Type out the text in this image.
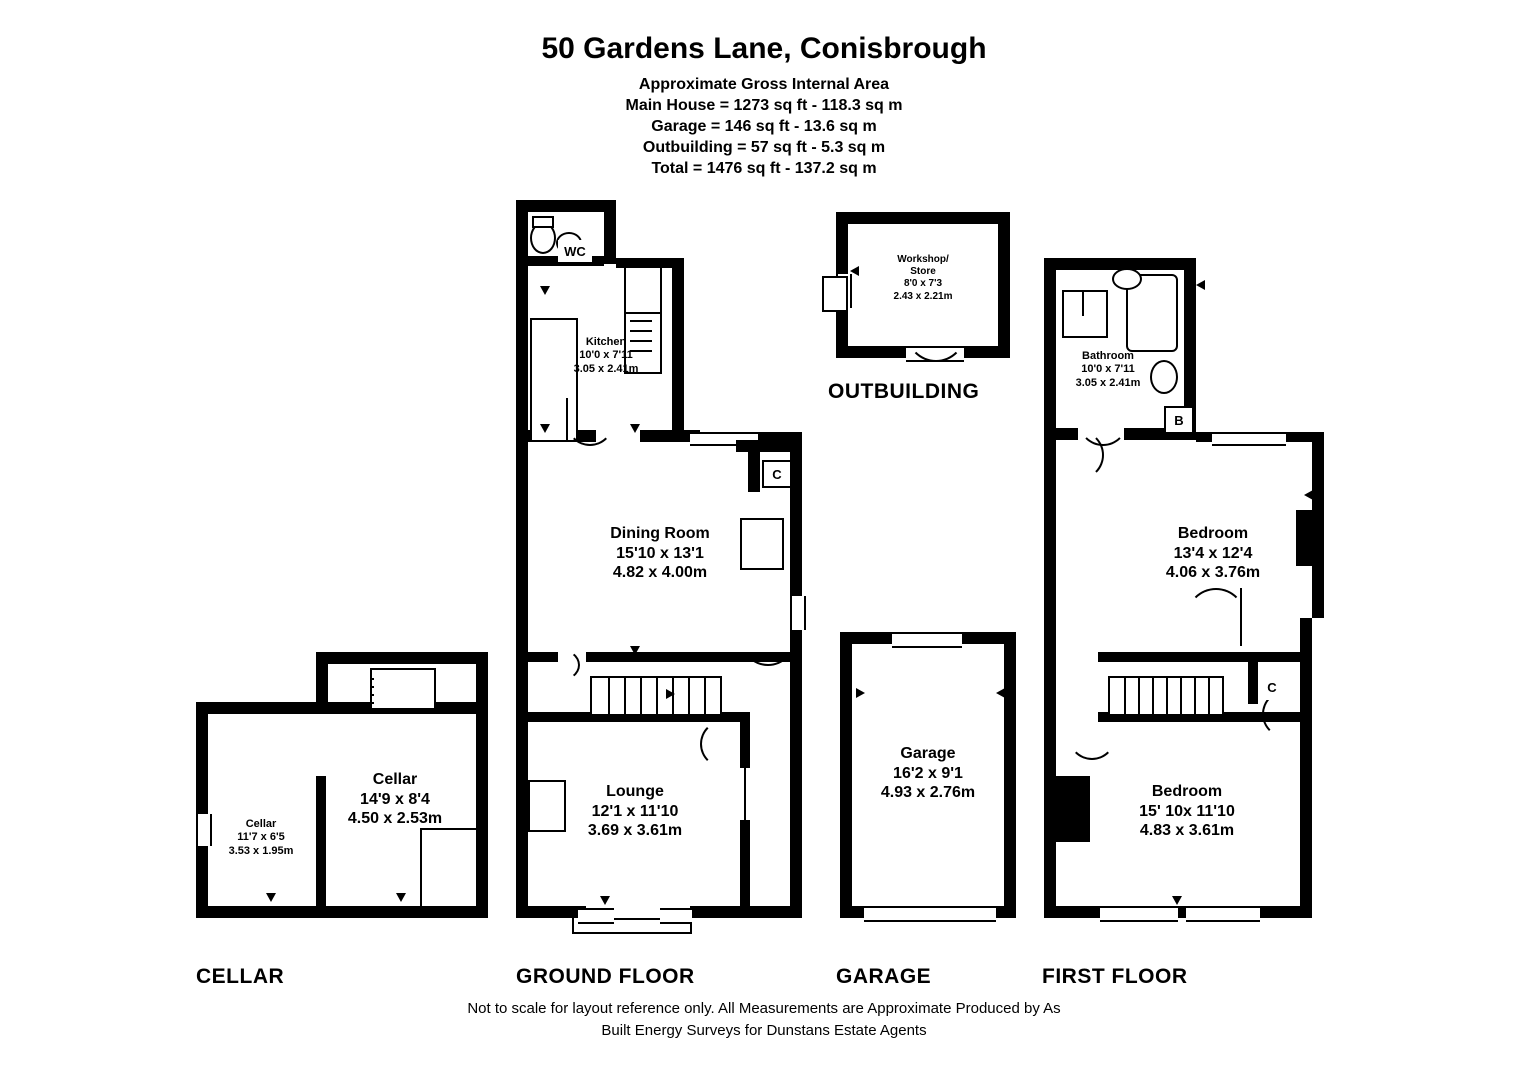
50 Gardens Lane, Conisbrough
Approximate Gross Internal Area
Main House = 1273 sq ft - 118.3 sq m
Garage = 146 sq ft - 13.6 sq m
Outbuilding = 57 sq ft - 5.3 sq m
Total = 1476 sq ft - 137.2 sq m
Cellar
14'9 x 8'4
4.50 x 2.53m
Cellar
11'7 x 6'5
3.53 x 1.95m
CELLAR
WC
C
Kitchen
10'0 x 7'11
3.05 x 2.41m
Dining Room
15'10 x 13'1
4.82 x 4.00m
Lounge
12'1 x 11'10
3.69 x 3.61m
GROUND FLOOR
Workshop/
Store
8'0 x 7'3
2.43 x 2.21m
OUTBUILDING
Garage
16'2 x 9'1
4.93 x 2.76m
GARAGE
B
C
Bathroom
10'0 x 7'11
3.05 x 2.41m
Bedroom
13'4 x 12'4
4.06 x 3.76m
Bedroom
15' 10x 11'10
4.83 x 3.61m
FIRST FLOOR
Not to scale for layout reference only. All Measurements are Approximate Produced by As
Built Energy Surveys for Dunstans Estate Agents
